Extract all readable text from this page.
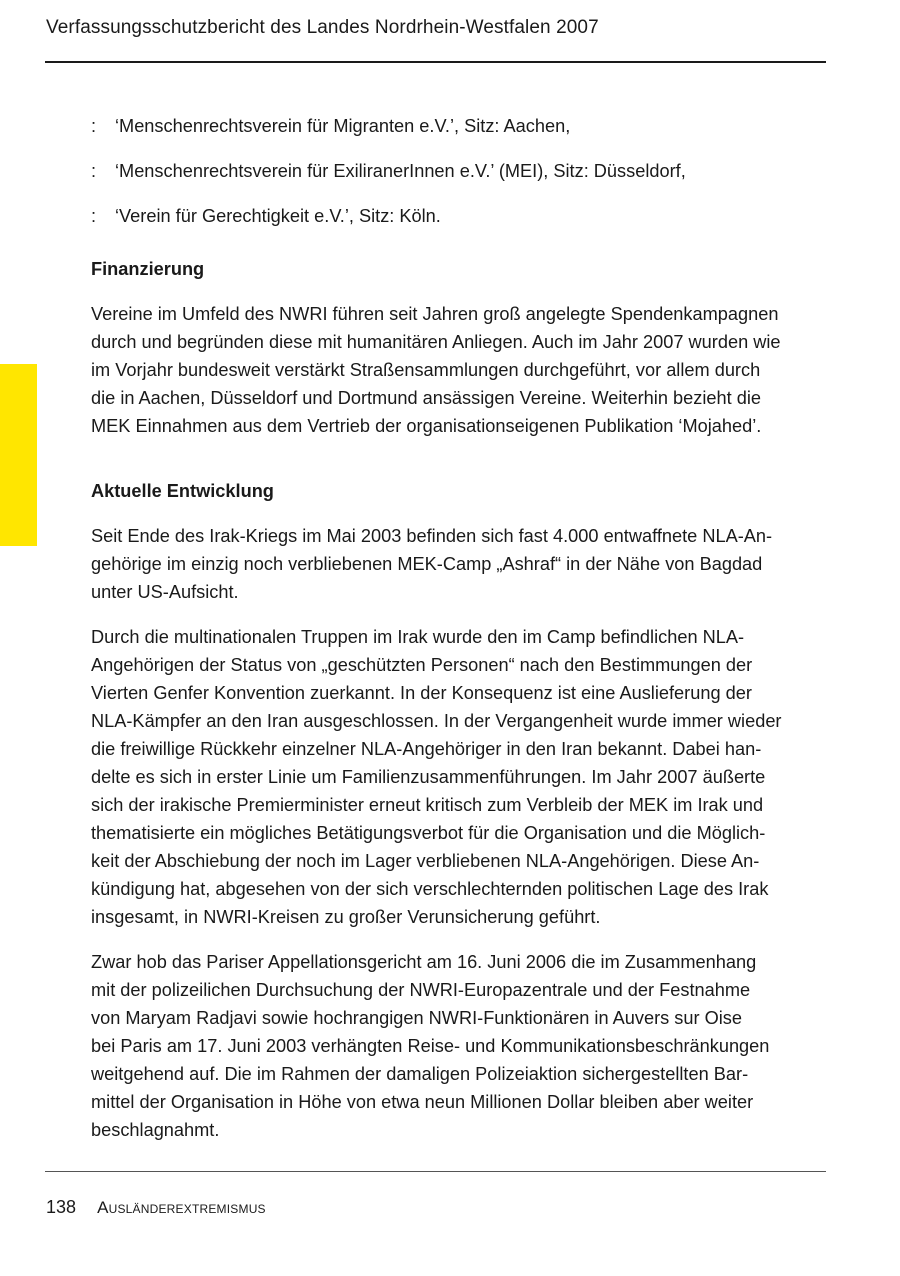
Verfassungsschutzbericht des Landes Nordrhein-Westfalen 2007
: ‘Menschenrechtsverein für Migranten e.V.’, Sitz: Aachen,
: ‘Menschenrechtsverein für ExiliranerInnen e.V.’ (MEI), Sitz: Düsseldorf,
: ‘Verein für Gerechtigkeit e.V.’, Sitz: Köln.
Finanzierung

Vereine im Umfeld des NWRI führen seit Jahren groß angelegte Spendenkampagnen
durch und begründen diese mit humanitären Anliegen. Auch im Jahr 2007 wurden wie
im Vorjahr bundesweit verstärkt Straßensammlungen durchgeführt, vor allem durch
die in Aachen, Düsseldorf und Dortmund ansässigen Vereine. Weiterhin bezieht die
MEK Einnahmen aus dem Vertrieb der organisationseigenen Publikation ‘Mojahed’.

Aktuelle Entwicklung

Seit Ende des Irak-Kriegs im Mai 2003 befinden sich fast 4.000 entwaffnete NLA-An-
gehörige im einzig noch verbliebenen MEK-Camp „Ashraf“ in der Nähe von Bagdad
unter US-Aufsicht.

Durch die multinationalen Truppen im Irak wurde den im Camp befindlichen NLA-
Angehörigen der Status von „geschützten Personen“ nach den Bestimmungen der
Vierten Genfer Konvention zuerkannt. In der Konsequenz ist eine Auslieferung der
NLA-Kämpfer an den Iran ausgeschlossen. In der Vergangenheit wurde immer wieder
die freiwillige Rückkehr einzelner NLA-Angehöriger in den Iran bekannt. Dabei han-
delte es sich in erster Linie um Familienzusammenführungen. Im Jahr 2007 äußerte
sich der irakische Premierminister erneut kritisch zum Verbleib der MEK im Irak und
thematisierte ein mögliches Betätigungsverbot für die Organisation und die Möglich-
keit der Abschiebung der noch im Lager verbliebenen NLA-Angehörigen. Diese An-
kündigung hat, abgesehen von der sich verschlechternden politischen Lage des Irak
insgesamt, in NWRI-Kreisen zu großer Verunsicherung geführt.

Zwar hob das Pariser Appellationsgericht am 16. Juni 2006 die im Zusammenhang
mit der polizeilichen Durchsuchung der NWRI-Europazentrale und der Festnahme
von Maryam Radjavi sowie hochrangigen NWRI-Funktionären in Auvers sur Oise
bei Paris am 17. Juni 2003 verhängten Reise- und Kommunikationsbeschränkungen
weitgehend auf. Die im Rahmen der damaligen Polizeiaktion sichergestellten Bar-
mittel der Organisation in Höhe von etwa neun Millionen Dollar bleiben aber weiter
beschlagnahmt.

138 Ausländerextremismus
